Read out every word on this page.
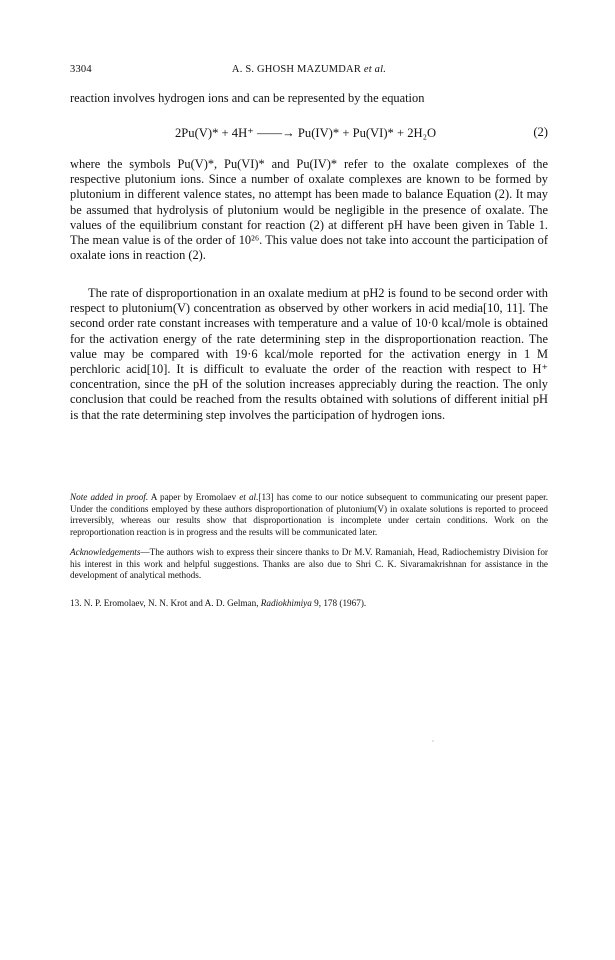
3304	A. S. GHOSH MAZUMDAR et al.
reaction involves hydrogen ions and can be represented by the equation
2Pu(V)* + 4H⁺ ——→ Pu(IV)* + Pu(VI)* + 2H₂O	(2)
where the symbols Pu(V)*, Pu(VI)* and Pu(IV)* refer to the oxalate complexes of the respective plutonium ions. Since a number of oxalate complexes are known to be formed by plutonium in different valence states, no attempt has been made to balance Equation (2). It may be assumed that hydrolysis of plutonium would be negligible in the presence of oxalate. The values of the equilibrium constant for reaction (2) at different pH have been given in Table 1. The mean value is of the order of 10²⁶. This value does not take into account the participation of oxalate ions in reaction (2).
The rate of disproportionation in an oxalate medium at pH2 is found to be second order with respect to plutonium(V) concentration as observed by other workers in acid media[10, 11]. The second order rate constant increases with temperature and a value of 10·0 kcal/mole is obtained for the activation energy of the rate determining step in the disproportionation reaction. The value may be compared with 19·6 kcal/mole reported for the activation energy in 1 M perchloric acid[10]. It is difficult to evaluate the order of the reaction with respect to H⁺ concentration, since the pH of the solution increases appreciably during the reaction. The only conclusion that could be reached from the results obtained with solutions of different initial pH is that the rate determining step involves the participation of hydrogen ions.
Note added in proof. A paper by Eromolaev et al.[13] has come to our notice subsequent to communicating our present paper. Under the conditions employed by these authors disproportionation of plutonium(V) in oxalate solutions is reported to proceed irreversibly, whereas our results show that disproportionation is incomplete under certain conditions. Work on the reproportionation reaction is in progress and the results will be communicated later.
Acknowledgements—The authors wish to express their sincere thanks to Dr M.V. Ramaniah, Head, Radiochemistry Division for his interest in this work and helpful suggestions. Thanks are also due to Shri C. K. Sivaramakrishnan for assistance in the development of analytical methods.
13. N. P. Eromolaev, N. N. Krot and A. D. Gelman, Radiokhimiya 9, 178 (1967).
